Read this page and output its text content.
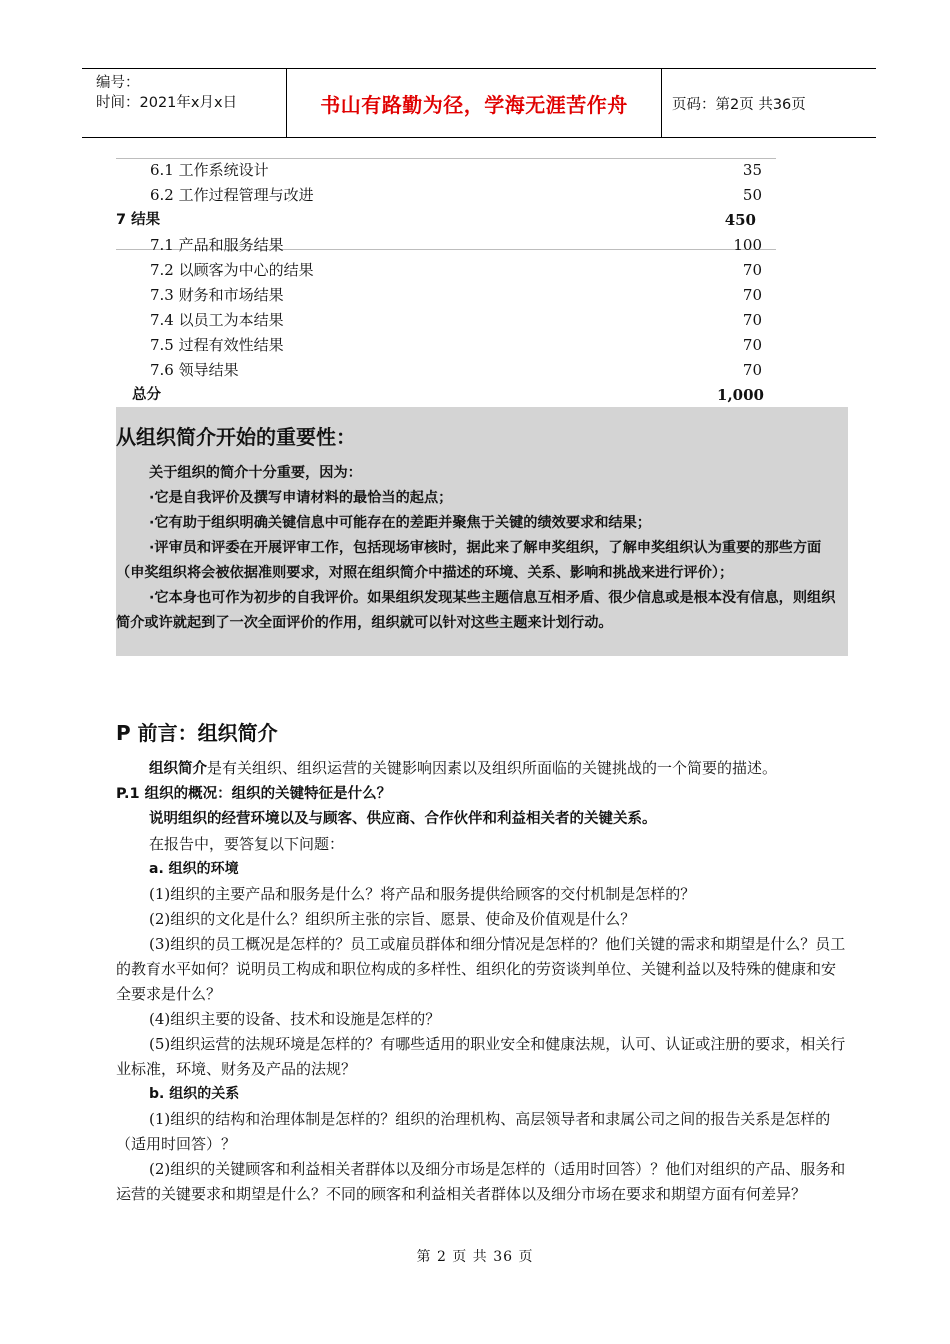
编号：
时间：2021年x月x日	书山有路勤为径，学海无涯苦作舟	页码：第2页 共36页
6.1 工作系统设计	35
6.2 工作过程管理与改进	50
7 结果	450
7.1 产品和服务结果	100
7.2 以顾客为中心的结果	70
7.3 财务和市场结果	70
7.4 以员工为本结果	70
7.5 过程有效性结果	70
7.6 领导结果	70
总分	1,000
从组织简介开始的重要性：

关于组织的简介十分重要，因为：

·它是自我评价及撰写申请材料的最恰当的起点；

·它有助于组织明确关键信息中可能存在的差距并聚焦于关键的绩效要求和结果；

·评审员和评委在开展评审工作，包括现场审核时，据此来了解申奖组织，了解申奖组织认为重要的那些方面（申奖组织将会被依据准则要求，对照在组织简介中描述的环境、关系、影响和挑战来进行评价）；

·它本身也可作为初步的自我评价。如果组织发现某些主题信息互相矛盾、很少信息或是根本没有信息，则组织简介或许就起到了一次全面评价的作用，组织就可以针对这些主题来计划行动。

P 前言：组织简介

组织简介是有关组织、组织运营的关键影响因素以及组织所面临的关键挑战的一个简要的描述。

P.1 组织的概况：组织的关键特征是什么？

说明组织的经营环境以及与顾客、供应商、合作伙伴和利益相关者的关键关系。

在报告中，要答复以下问题：

a. 组织的环境

(1)组织的主要产品和服务是什么？将产品和服务提供给顾客的交付机制是怎样的？

(2)组织的文化是什么？组织所主张的宗旨、愿景、使命及价值观是什么？

(3)组织的员工概况是怎样的？员工或雇员群体和细分情况是怎样的？他们关键的需求和期望是什么？员工的教育水平如何？说明员工构成和职位构成的多样性、组织化的劳资谈判单位、关键利益以及特殊的健康和安全要求是什么？

(4)组织主要的设备、技术和设施是怎样的？

(5)组织运营的法规环境是怎样的？有哪些适用的职业安全和健康法规，认可、认证或注册的要求，相关行业标准，环境、财务及产品的法规？

b. 组织的关系

(1)组织的结构和治理体制是怎样的？组织的治理机构、高层领导者和隶属公司之间的报告关系是怎样的（适用时回答）？

(2)组织的关键顾客和利益相关者群体以及细分市场是怎样的（适用时回答）？他们对组织的产品、服务和运营的关键要求和期望是什么？不同的顾客和利益相关者群体以及细分市场在要求和期望方面有何差异？

第 2 页 共 36 页
